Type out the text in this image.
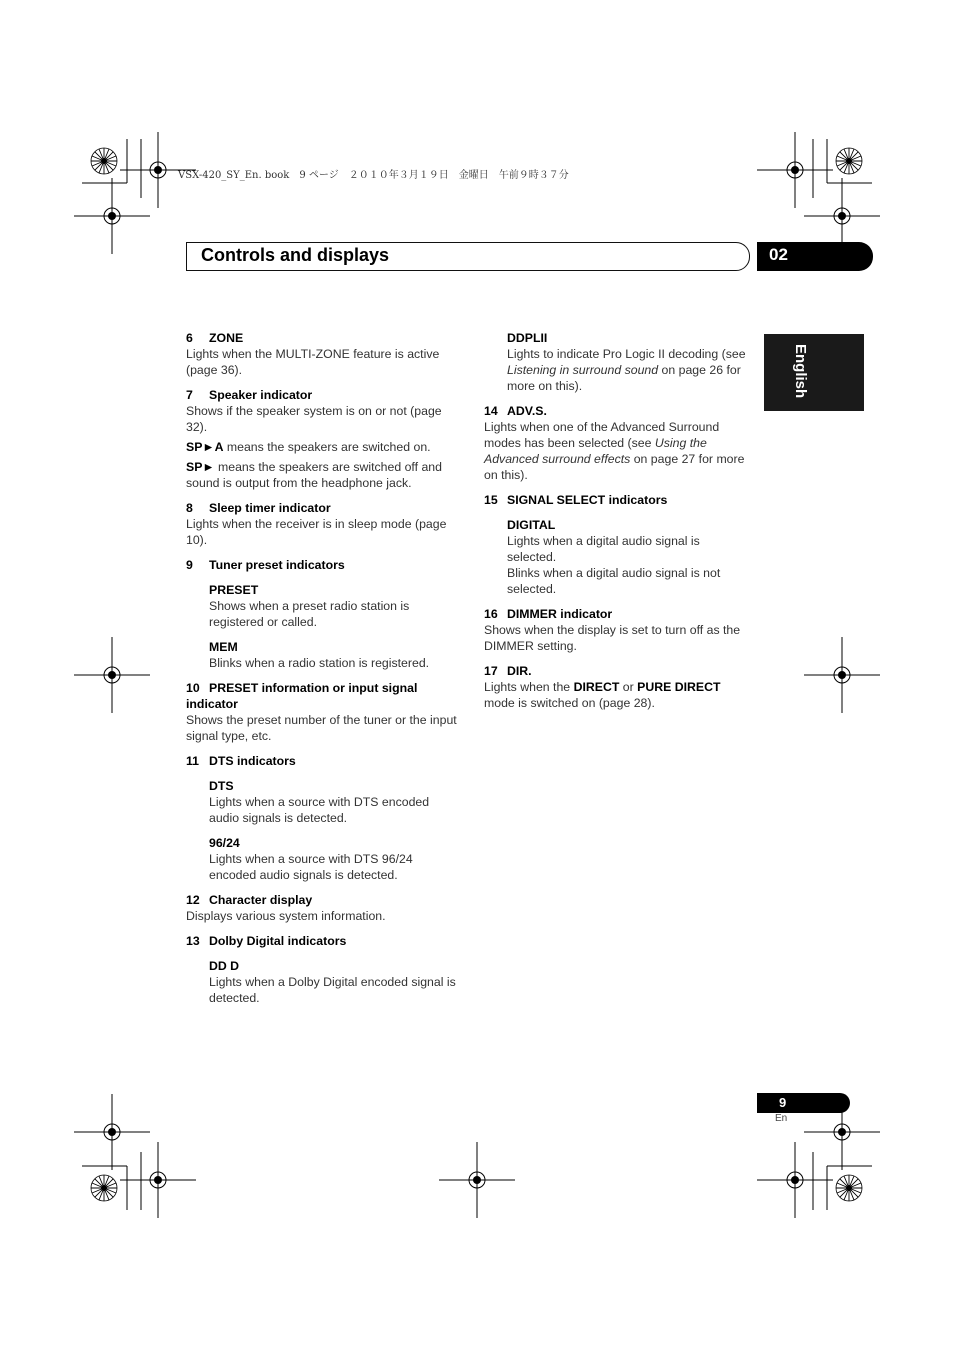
VSX-420_SY_En. book　9 ページ　２０１０年３月１９日　金曜日　午前９時３７分
Controls and displays	02
English
6 ZONE
Lights when the MULTI-ZONE feature is active (page 36).
7 Speaker indicator
Shows if the speaker system is on or not (page 32).
SP►A means the speakers are switched on.
SP► means the speakers are switched off and sound is output from the headphone jack.
8 Sleep timer indicator
Lights when the receiver is in sleep mode (page 10).
9 Tuner preset indicators
PRESET
Shows when a preset radio station is registered or called.
MEM
Blinks when a radio station is registered.
10 PRESET information or input signal indicator
Shows the preset number of the tuner or the input signal type, etc.
11 DTS indicators
DTS
Lights when a source with DTS encoded audio signals is detected.
96/24
Lights when a source with DTS 96/24 encoded audio signals is detected.
12 Character display
Displays various system information.
13 Dolby Digital indicators
DD D
Lights when a Dolby Digital encoded signal is detected.
DDPLII
Lights to indicate Pro Logic II decoding (see Listening in surround sound on page 26 for more on this).
14 ADV.S.
Lights when one of the Advanced Surround modes has been selected (see Using the Advanced surround effects on page 27 for more on this).
15 SIGNAL SELECT indicators
DIGITAL
Lights when a digital audio signal is selected.
Blinks when a digital audio signal is not selected.
16 DIMMER indicator
Shows when the display is set to turn off as the DIMMER setting.
17 DIR.
Lights when the DIRECT or PURE DIRECT mode is switched on (page 28).
9
En
